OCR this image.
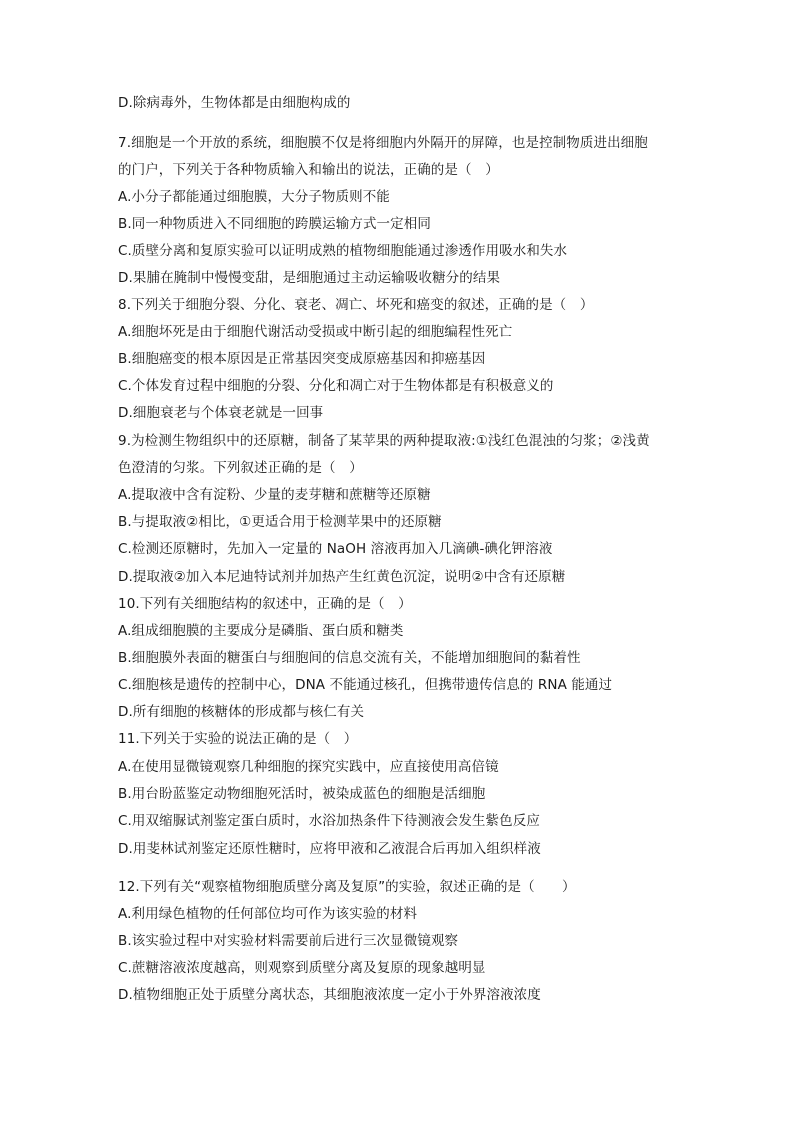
D.除病毒外，生物体都是由细胞构成的
7.细胞是一个开放的系统，细胞膜不仅是将细胞内外隔开的屏障，也是控制物质进出细胞
的门户，下列关于各种物质输入和输出的说法，正确的是（　）
A.小分子都能通过细胞膜，大分子物质则不能
B.同一种物质进入不同细胞的跨膜运输方式一定相同
C.质壁分离和复原实验可以证明成熟的植物细胞能通过渗透作用吸水和失水
D.果脯在腌制中慢慢变甜，是细胞通过主动运输吸收糖分的结果
8.下列关于细胞分裂、分化、衰老、凋亡、坏死和癌变的叙述，正确的是（　）
A.细胞坏死是由于细胞代谢活动受损或中断引起的细胞编程性死亡
B.细胞癌变的根本原因是正常基因突变成原癌基因和抑癌基因
C.个体发育过程中细胞的分裂、分化和凋亡对于生物体都是有积极意义的
D.细胞衰老与个体衰老就是一回事
9.为检测生物组织中的还原糖，制备了某苹果的两种提取液:①浅红色混浊的匀浆；②浅黄
色澄清的匀浆。下列叙述正确的是（　）
A.提取液中含有淀粉、少量的麦芽糖和蔗糖等还原糖
B.与提取液②相比，①更适合用于检测苹果中的还原糖
C.检测还原糖时，先加入一定量的 NaOH 溶液再加入几滴碘-碘化钾溶液
D.提取液②加入本尼迪特试剂并加热产生红黄色沉淀，说明②中含有还原糖
10.下列有关细胞结构的叙述中，正确的是（　）
A.组成细胞膜的主要成分是磷脂、蛋白质和糖类
B.细胞膜外表面的糖蛋白与细胞间的信息交流有关，不能增加细胞间的黏着性
C.细胞核是遗传的控制中心，DNA 不能通过核孔，但携带遗传信息的 RNA 能通过
D.所有细胞的核糖体的形成都与核仁有关
11.下列关于实验的说法正确的是（　）
A.在使用显微镜观察几种细胞的探究实践中，应直接使用高倍镜
B.用台盼蓝鉴定动物细胞死活时，被染成蓝色的细胞是活细胞
C.用双缩脲试剂鉴定蛋白质时，水浴加热条件下待测液会发生紫色反应
D.用斐林试剂鉴定还原性糖时，应将甲液和乙液混合后再加入组织样液
12.下列有关“观察植物细胞质壁分离及复原”的实验，叙述正确的是（　　）
A.利用绿色植物的任何部位均可作为该实验的材料
B.该实验过程中对实验材料需要前后进行三次显微镜观察
C.蔗糖溶液浓度越高，则观察到质壁分离及复原的现象越明显
D.植物细胞正处于质壁分离状态，其细胞液浓度一定小于外界溶液浓度
